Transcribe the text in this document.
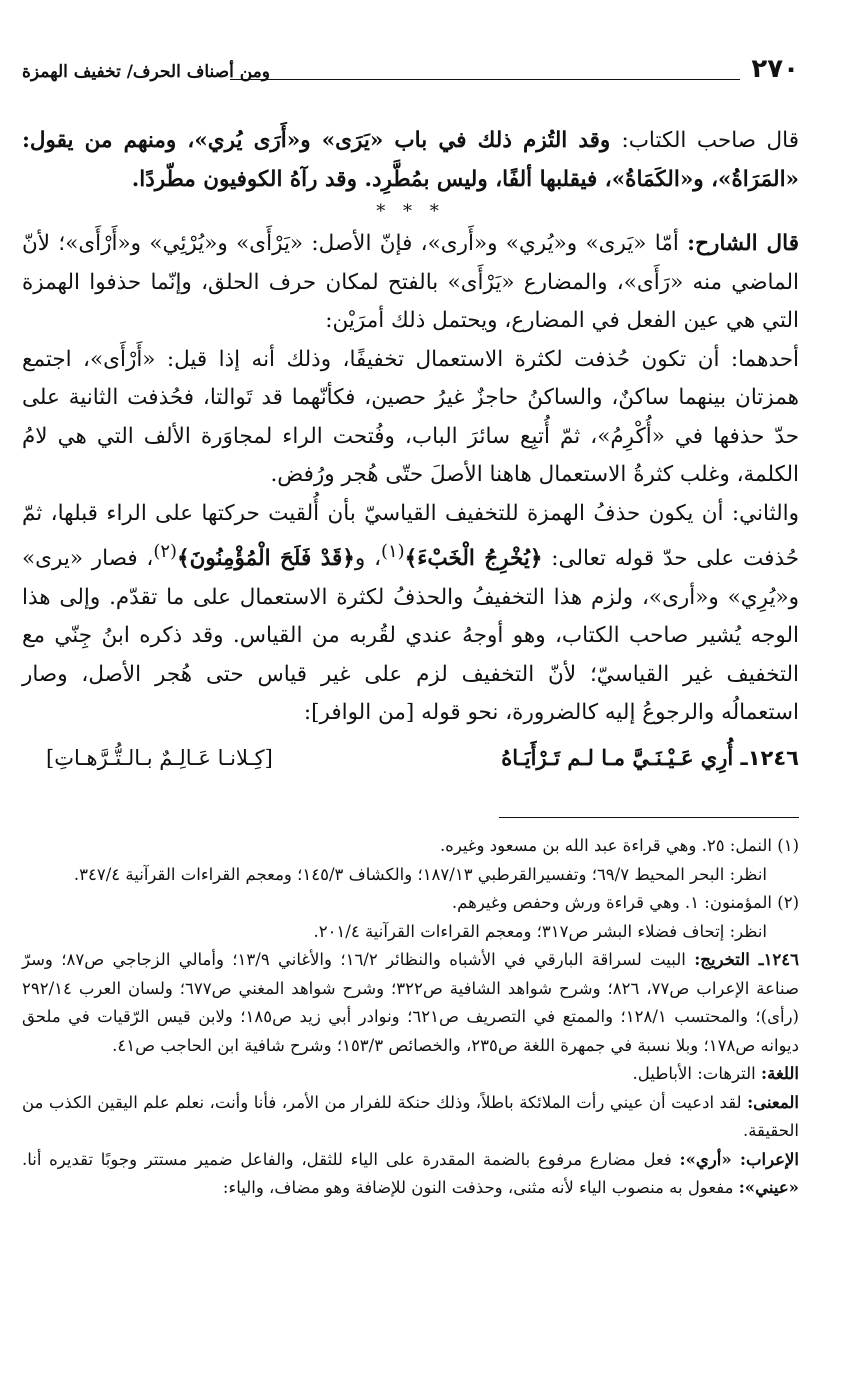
٢٧٠
ومن أصناف الحرف/ تخفيف الهمزة

قال صاحب الكتاب: وقد التُزم ذلك في باب «يَرَى» و«أَرَى يُري»، ومنهم من يقول: «المَرَاةُ»، و«الكَمَاةُ»، فيقلبها ألفًا، وليس بمُطَّرِد. وقد رآهُ الكوفيون مطّردًا.

* * *

قال الشارح: أمّا «يَرى» و«يُري» و«أَرى»، فإنّ الأصل: «يَرْأَى» و«يُرْئِي» و«أَرْأَى»؛ لأنّ الماضي منه «رَأَى»، والمضارع «يَرْأَى» بالفتح لمكان حرف الحلق، وإنّما حذفوا الهمزة التي هي عين الفعل في المضارع، ويحتمل ذلك أمرَيْن:

أحدهما: أن تكون حُذفت لكثرة الاستعمال تخفيفًا، وذلك أنه إذا قيل: «أَرْأَى»، اجتمع همزتان بينهما ساكنٌ، والساكنُ حاجزٌ غيرُ حصين، فكأنّهما قد تَوالتا، فحُذفت الثانية على حدّ حذفها في «أُكْرِمُ»، ثمّ أُتبِع سائرَ الباب، وفُتحت الراء لمجاوَرة الألف التي هي لامُ الكلمة، وغلب كثرةُ الاستعمال هاهنا الأصلَ حتّى هُجر ورُفض.

والثاني: أن يكون حذفُ الهمزة للتخفيف القياسيّ بأن أُلقيت حركتها على الراء قبلها، ثمّ حُذفت على حدّ قوله تعالى: ﴿يُخْرِجُ الْخَبْءَ﴾$^{(١)}$، و﴿قَدْ فَلَحَ الْمُؤْمِنُونَ﴾$^{(٢)}$، فصار «يرى» و«يُرِي» و«أرى»، ولزم هذا التخفيفُ والحذفُ لكثرة الاستعمال على ما تقدّم. وإلى هذا الوجه يُشير صاحب الكتاب، وهو أوجهُ عندي لقُربه من القياس. وقد ذكره ابنُ جِنّي مع التخفيف غير القياسيّ؛ لأنّ التخفيف لزم على غير قياس حتى هُجر الأصل، وصار استعمالُه والرجوعُ إليه كالضرورة، نحو قوله [من الوافر]:

١٢٤٦ـ أُرِي عَـيْـنَـيَّ مـا لـم تَـرْأَيَـاهُ
[كِـلانـا عَـالِـمٌ بـالـتُّـرَّهـاتِ]

(١) النمل: ٢٥. وهي قراءة عبد الله بن مسعود وغيره.

انظر: البحر المحيط ٦٩/٧؛ وتفسيرالقرطبي ١٨٧/١٣؛ والكشاف ١٤٥/٣؛ ومعجم القراءات القرآنية ٣٤٧/٤.

(٢) المؤمنون: ١. وهي قراءة ورش وحفص وغيرهم.

انظر: إتحاف فضلاء البشر ص٣١٧؛ ومعجم القراءات القرآنية ٢٠١/٤.

١٢٤٦ـ التخريج: البيت لسراقة البارقي في الأشباه والنظائر ١٦/٢؛ والأغاني ١٣/٩؛ وأمالي الزجاجي ص٨٧؛ وسرّ صناعة الإعراب ص٧٧، ٨٢٦؛ وشرح شواهد الشافية ص٣٢٢؛ وشرح شواهد المغني ص٦٧٧؛ ولسان العرب ٢٩٢/١٤ (رأى)؛ والمحتسب ١٢٨/١؛ والممتع في التصريف ص٦٢١؛ ونوادر أبي زيد ص١٨٥؛ ولابن قيس الرّقيات في ملحق ديوانه ص١٧٨؛ وبلا نسبة في جمهرة اللغة ص٢٣٥، والخصائص ١٥٣/٣؛ وشرح شافية ابن الحاجب ص٤١.

اللغة: الترهات: الأباطيل.

المعنى: لقد ادعيت أن عيني رأت الملائكة باطلاً، وذلك حنكة للفرار من الأمر، فأنا وأنت، نعلم علم اليقين الكذب من الحقيقة.

الإعراب: «أري»: فعل مضارع مرفوع بالضمة المقدرة على الياء للثقل، والفاعل ضمير مستتر وجوبًا تقديره أنا. «عيني»: مفعول به منصوب الياء لأنه مثنى، وحذفت النون للإضافة وهو مضاف، والياء:
